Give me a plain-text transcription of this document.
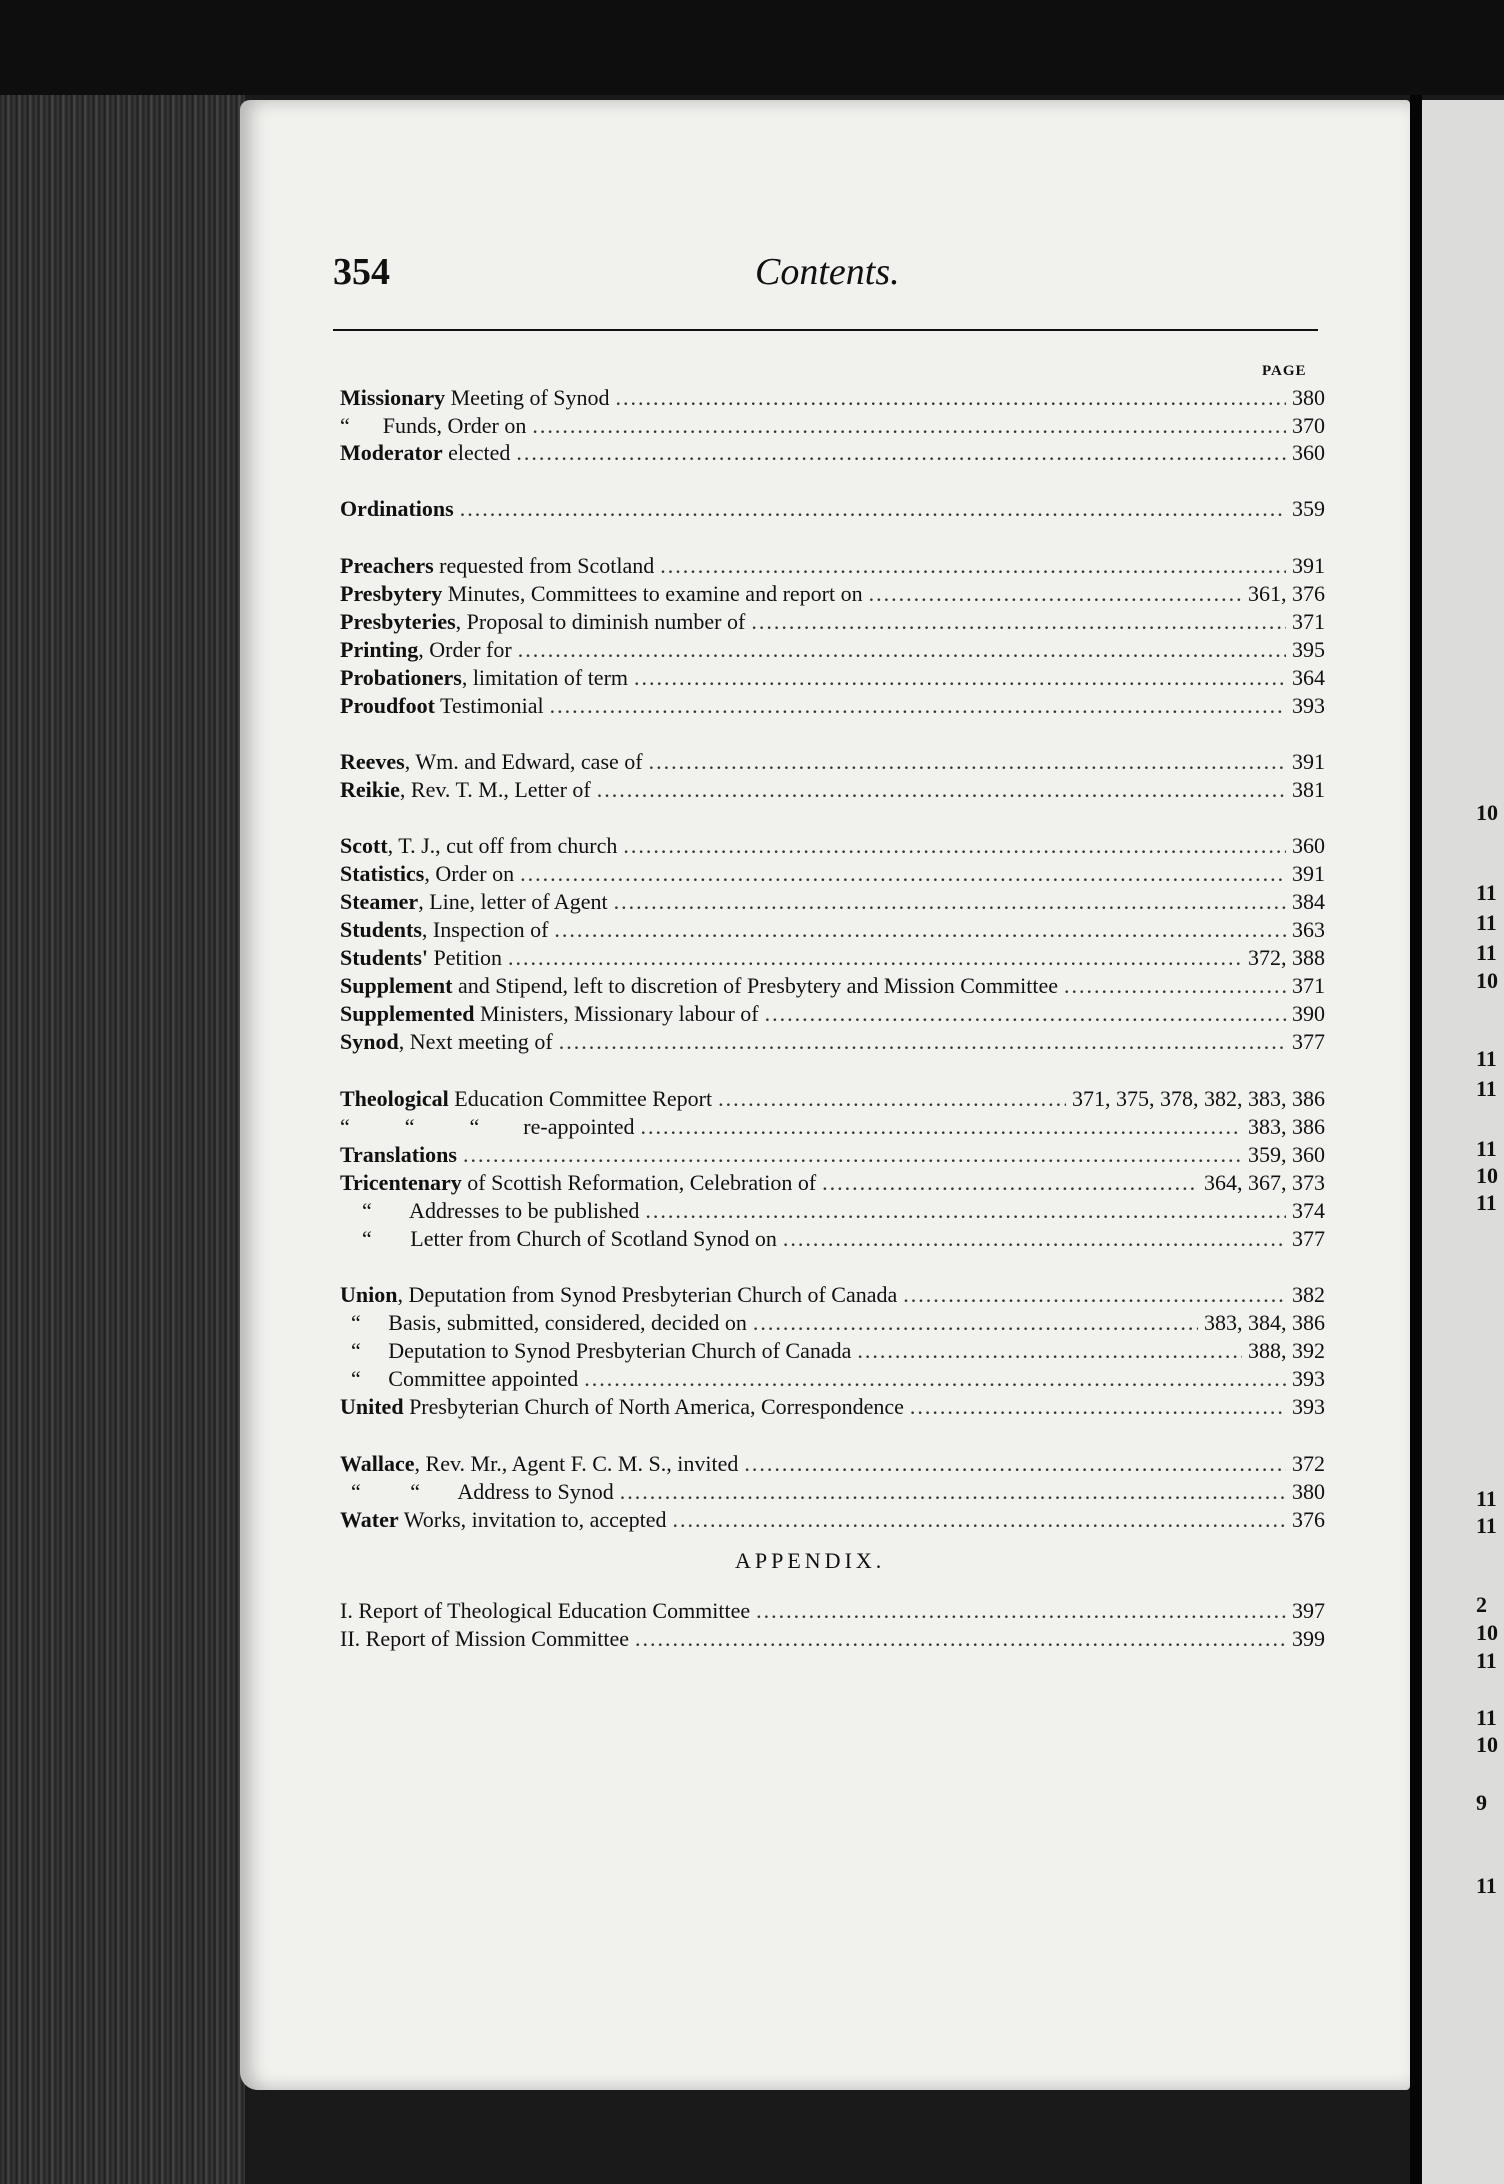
10
11
11
11
10
11
11
11
10
11
11
11
2
10
11
11
10
9
11
354	Contents.
PAGE
Missionary Meeting of Synod .....	380
“      Funds, Order on .....	370
Moderator elected .....	360
Ordinations .....	359
Preachers requested from Scotland .....	391
Presbytery Minutes, Committees to examine and report on .....	361, 376
Presbyteries , Proposal to diminish number of .....	371
Printing , Order for .....	395
Probationers , limitation of term .....	364
Proudfoot Testimonial .....	393
Reeves , Wm. and Edward, case of .....	391
Reikie , Rev. T. M., Letter of .....	381
Scott , T. J., cut off from church .....	360
Statistics , Order on .....	391
Steamer , Line, letter of Agent .....	384
Students , Inspection of .....	363
Students' Petition .....	372, 388
Supplement and Stipend, left to discretion of Presbytery and Mission Committee .....	371
Supplemented Ministers, Missionary labour of .....	390
Synod , Next meeting of .....	377
Theological Education Committee Report .....	371, 375, 378, 382, 383, 386
“          “          “        re-appointed .....	383, 386
Translations .....	359, 360
Tricentenary of Scottish Reformation, Celebration of .....	364, 367, 373
“       Addresses to be published .....	374
“       Letter from Church of Scotland Synod on .....	377
Union , Deputation from Synod Presbyterian Church of Canada .....	382
“     Basis, submitted, considered, decided on .....	383, 384, 386
“     Deputation to Synod Presbyterian Church of Canada .....	388, 392
“     Committee appointed .....	393
United Presbyterian Church of North America, Correspondence .....	393
Wallace , Rev. Mr., Agent F. C. M. S., invited .....	372
“         “       Address to Synod .....	380
Water Works, invitation to, accepted .....	376
APPENDIX.
I. Report of Theological Education Committee .....	397
II. Report of Mission Committee .....	399
